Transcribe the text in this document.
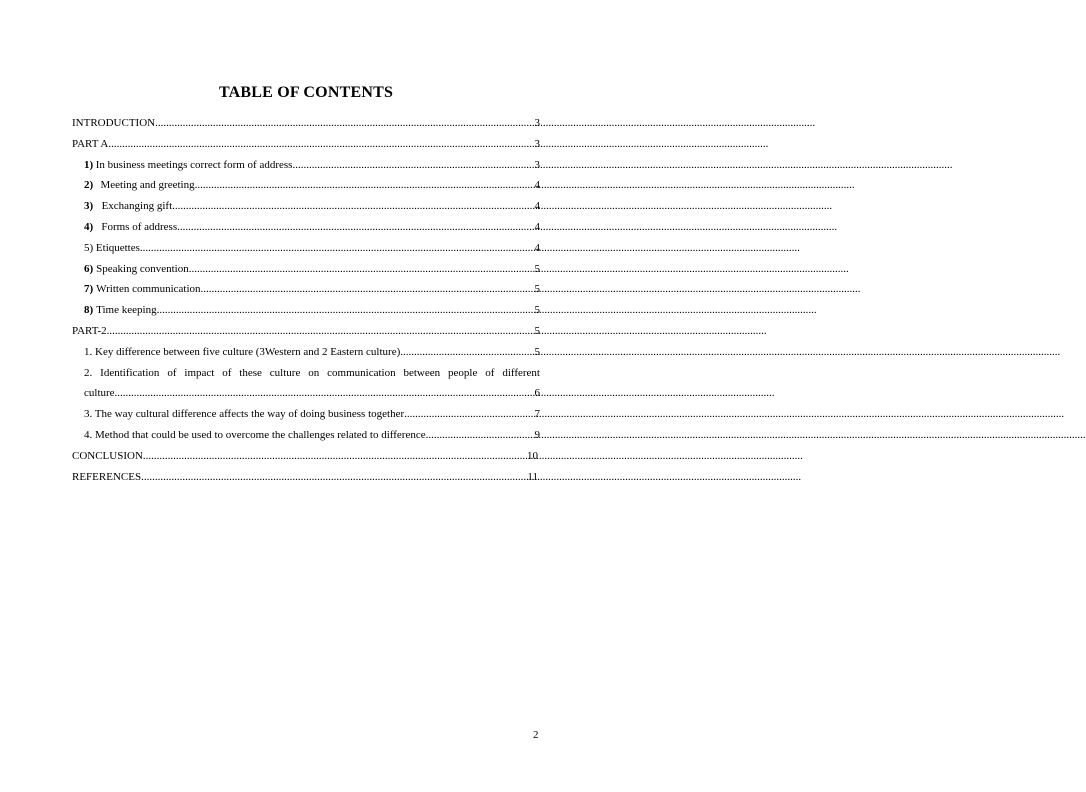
TABLE OF CONTENTS
INTRODUCTION .....	3
PART A .....	3
1) In business meetings correct form of address .....	3
2) Meeting and greeting .....	4
3) Exchanging gift .....	4
4) Forms of address .....	4
5) Etiquettes .....	4
6) Speaking convention .....	5
7) Written communication .....	5
8) Time keeping .....	5
PART-2 .....	5
1. Key difference between five culture (3Western and 2 Eastern culture) .....	5
2. Identification of impact of these culture on communication between people of different
culture .....	6
3. The way cultural difference affects the way of doing business together .....	7
4. Method that could be used to overcome the challenges related to difference .....	9
CONCLUSION .....	10
REFERENCES .....	11
2
